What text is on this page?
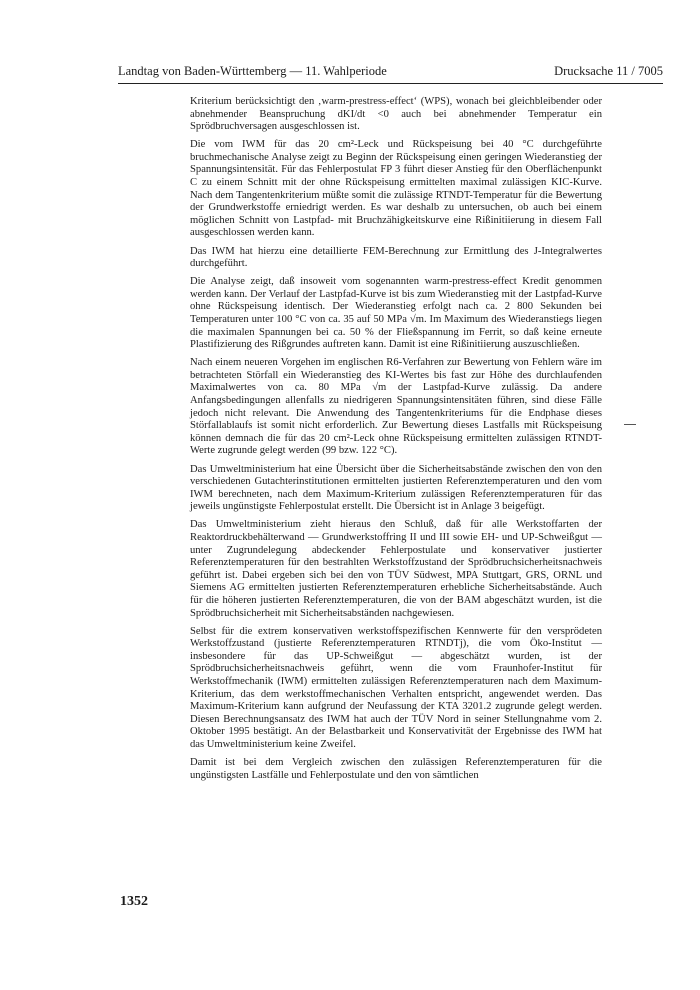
Landtag von Baden-Württemberg — 11. Wahlperiode	Drucksache 11 / 7005

Kriterium berücksichtigt den ‚warm-prestress-effect‘ (WPS), wonach bei gleichbleibender oder abnehmender Beanspruchung dKI/dt <0 auch bei abnehmender Temperatur ein Sprödbruchversagen ausgeschlossen ist.

Die vom IWM für das 20 cm²-Leck und Rückspeisung bei 40 °C durchgeführte bruchmechanische Analyse zeigt zu Beginn der Rückspeisung einen geringen Wiederanstieg der Spannungsintensität. Für das Fehlerpostulat FP 3 führt dieser Anstieg für den Oberflächenpunkt C zu einem Schnitt mit der ohne Rückspeisung ermittelten maximal zulässigen KIC-Kurve. Nach dem Tangentenkriterium müßte somit die zulässige RTNDT-Temperatur für die Bewertung der Grundwerkstoffe erniedrigt werden. Es war deshalb zu untersuchen, ob auch bei einem möglichen Schnitt von Lastpfad- mit Bruchzähigkeitskurve eine Rißinitiierung in diesem Fall ausgeschlossen werden kann.

Das IWM hat hierzu eine detaillierte FEM-Berechnung zur Ermittlung des J-Integralwertes durchgeführt.

Die Analyse zeigt, daß insoweit vom sogenannten warm-prestress-effect Kredit genommen werden kann. Der Verlauf der Lastpfad-Kurve ist bis zum Wiederanstieg mit der Lastpfad-Kurve ohne Rückspeisung identisch. Der Wiederanstieg erfolgt nach ca. 2 800 Sekunden bei Temperaturen unter 100 °C von ca. 35 auf 50 MPa √m. Im Maximum des Wiederanstiegs liegen die maximalen Spannungen bei ca. 50 % der Fließspannung im Ferrit, so daß keine erneute Plastifizierung des Rißgrundes auftreten kann. Damit ist eine Rißinitiierung auszuschließen.

Nach einem neueren Vorgehen im englischen R6-Verfahren zur Bewertung von Fehlern wäre im betrachteten Störfall ein Wiederanstieg des KI-Wertes bis fast zur Höhe des durchlaufenden Maximalwertes von ca. 80 MPa √m der Lastpfad-Kurve zulässig. Da andere Anfangsbedingungen allenfalls zu niedrigeren Spannungsintensitäten führen, sind diese Fälle jedoch nicht relevant. Die Anwendung des Tangentenkriteriums für die Endphase dieses Störfallablaufs ist somit nicht erforderlich. Zur Bewertung dieses Lastfalls mit Rückspeisung können demnach die für das 20 cm²-Leck ohne Rückspeisung ermittelten zulässigen RTNDT-Werte zugrunde gelegt werden (99 bzw. 122 °C).

Das Umweltministerium hat eine Übersicht über die Sicherheitsabstände zwischen den von den verschiedenen Gutachterinstitutionen ermittelten justierten Referenztemperaturen und den vom IWM berechneten, nach dem Maximum-Kriterium zulässigen Referenztemperaturen für das jeweils ungünstigste Fehlerpostulat erstellt. Die Übersicht ist in Anlage 3 beigefügt.

Das Umweltministerium zieht hieraus den Schluß, daß für alle Werkstoffarten der Reaktordruckbehälterwand — Grundwerkstoffring II und III sowie EH- und UP-Schweißgut — unter Zugrundelegung abdeckender Fehlerpostulate und konservativer justierter Referenztemperaturen für den bestrahlten Werkstoffzustand der Sprödbruchsicherheitsnachweis geführt ist. Dabei ergeben sich bei den von TÜV Südwest, MPA Stuttgart, GRS, ORNL und Siemens AG ermittelten justierten Referenztemperaturen erhebliche Sicherheitsabstände. Auch für die höheren justierten Referenztemperaturen, die von der BAM abgeschätzt wurden, ist die Sprödbruchsicherheit mit Sicherheitsabständen nachgewiesen.

Selbst für die extrem konservativen werkstoffspezifischen Kennwerte für den versprödeten Werkstoffzustand (justierte Referenztemperaturen RTNDTj), die vom Öko-Institut — insbesondere für das UP-Schweißgut — abgeschätzt wurden, ist der Sprödbruchsicherheitsnachweis geführt, wenn die vom Fraunhofer-Institut für Werkstoffmechanik (IWM) ermittelten zulässigen Referenztemperaturen nach dem Maximum-Kriterium, das dem werkstoffmechanischen Verhalten entspricht, angewendet werden. Das Maximum-Kriterium kann aufgrund der Neufassung der KTA 3201.2 zugrunde gelegt werden. Diesen Berechnungsansatz des IWM hat auch der TÜV Nord in seiner Stellungnahme vom 2. Oktober 1995 bestätigt. An der Belastbarkeit und Konservativität der Ergebnisse des IWM hat das Umweltministerium keine Zweifel.

Damit ist bei dem Vergleich zwischen den zulässigen Referenztemperaturen für die ungünstigsten Lastfälle und Fehlerpostulate und den von sämtlichen

1352
